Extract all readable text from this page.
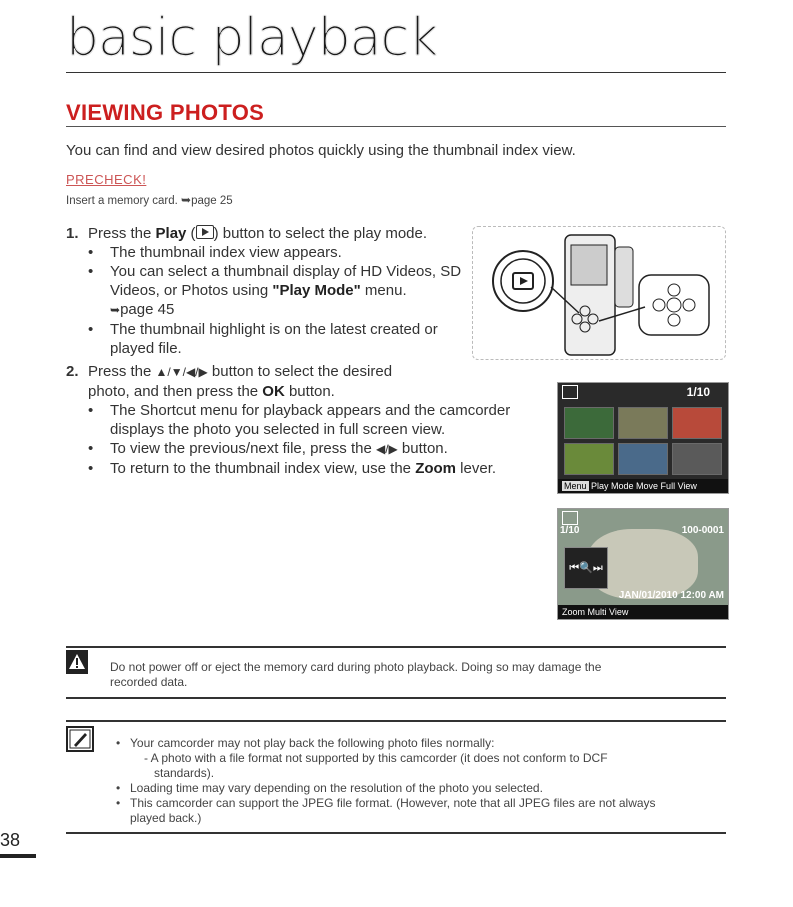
basic playback
VIEWING PHOTOS
You can find and view desired photos quickly using the thumbnail index view.
PRECHECK!
Insert a memory card. ➥page 25
1. Press the Play ( ) button to select the play mode.
• The thumbnail index view appears.
• You can select a thumbnail display of HD Videos, SD Videos, or Photos using "Play Mode" menu.
➥page 45
• The thumbnail highlight is on the latest created or played file.
2. Press the ▲/▼/◀/▶ button to select the desired
photo, and then press the OK button.
• The Shortcut menu for playback appears and the camcorder
displays the photo you selected in full screen view.
• To view the previous/next file, press the ◀/▶ button.
• To return to the thumbnail index view, use the Zoom lever.
1/10
Menu Play Mode Move Full View
1/10	100-0001
⏮🔍⏭
JAN/01/2010 12:00 AM
Zoom Multi View
Do not power off or eject the memory card during photo playback. Doing so may damage the
recorded data.
• Your camcorder may not play back the following photo files normally:
- A photo with a file format not supported by this camcorder (it does not conform to DCF
standards).
• Loading time may vary depending on the resolution of the photo you selected.
• This camcorder can support the JPEG file format. (However, note that all JPEG files are not always
played back.)
38
